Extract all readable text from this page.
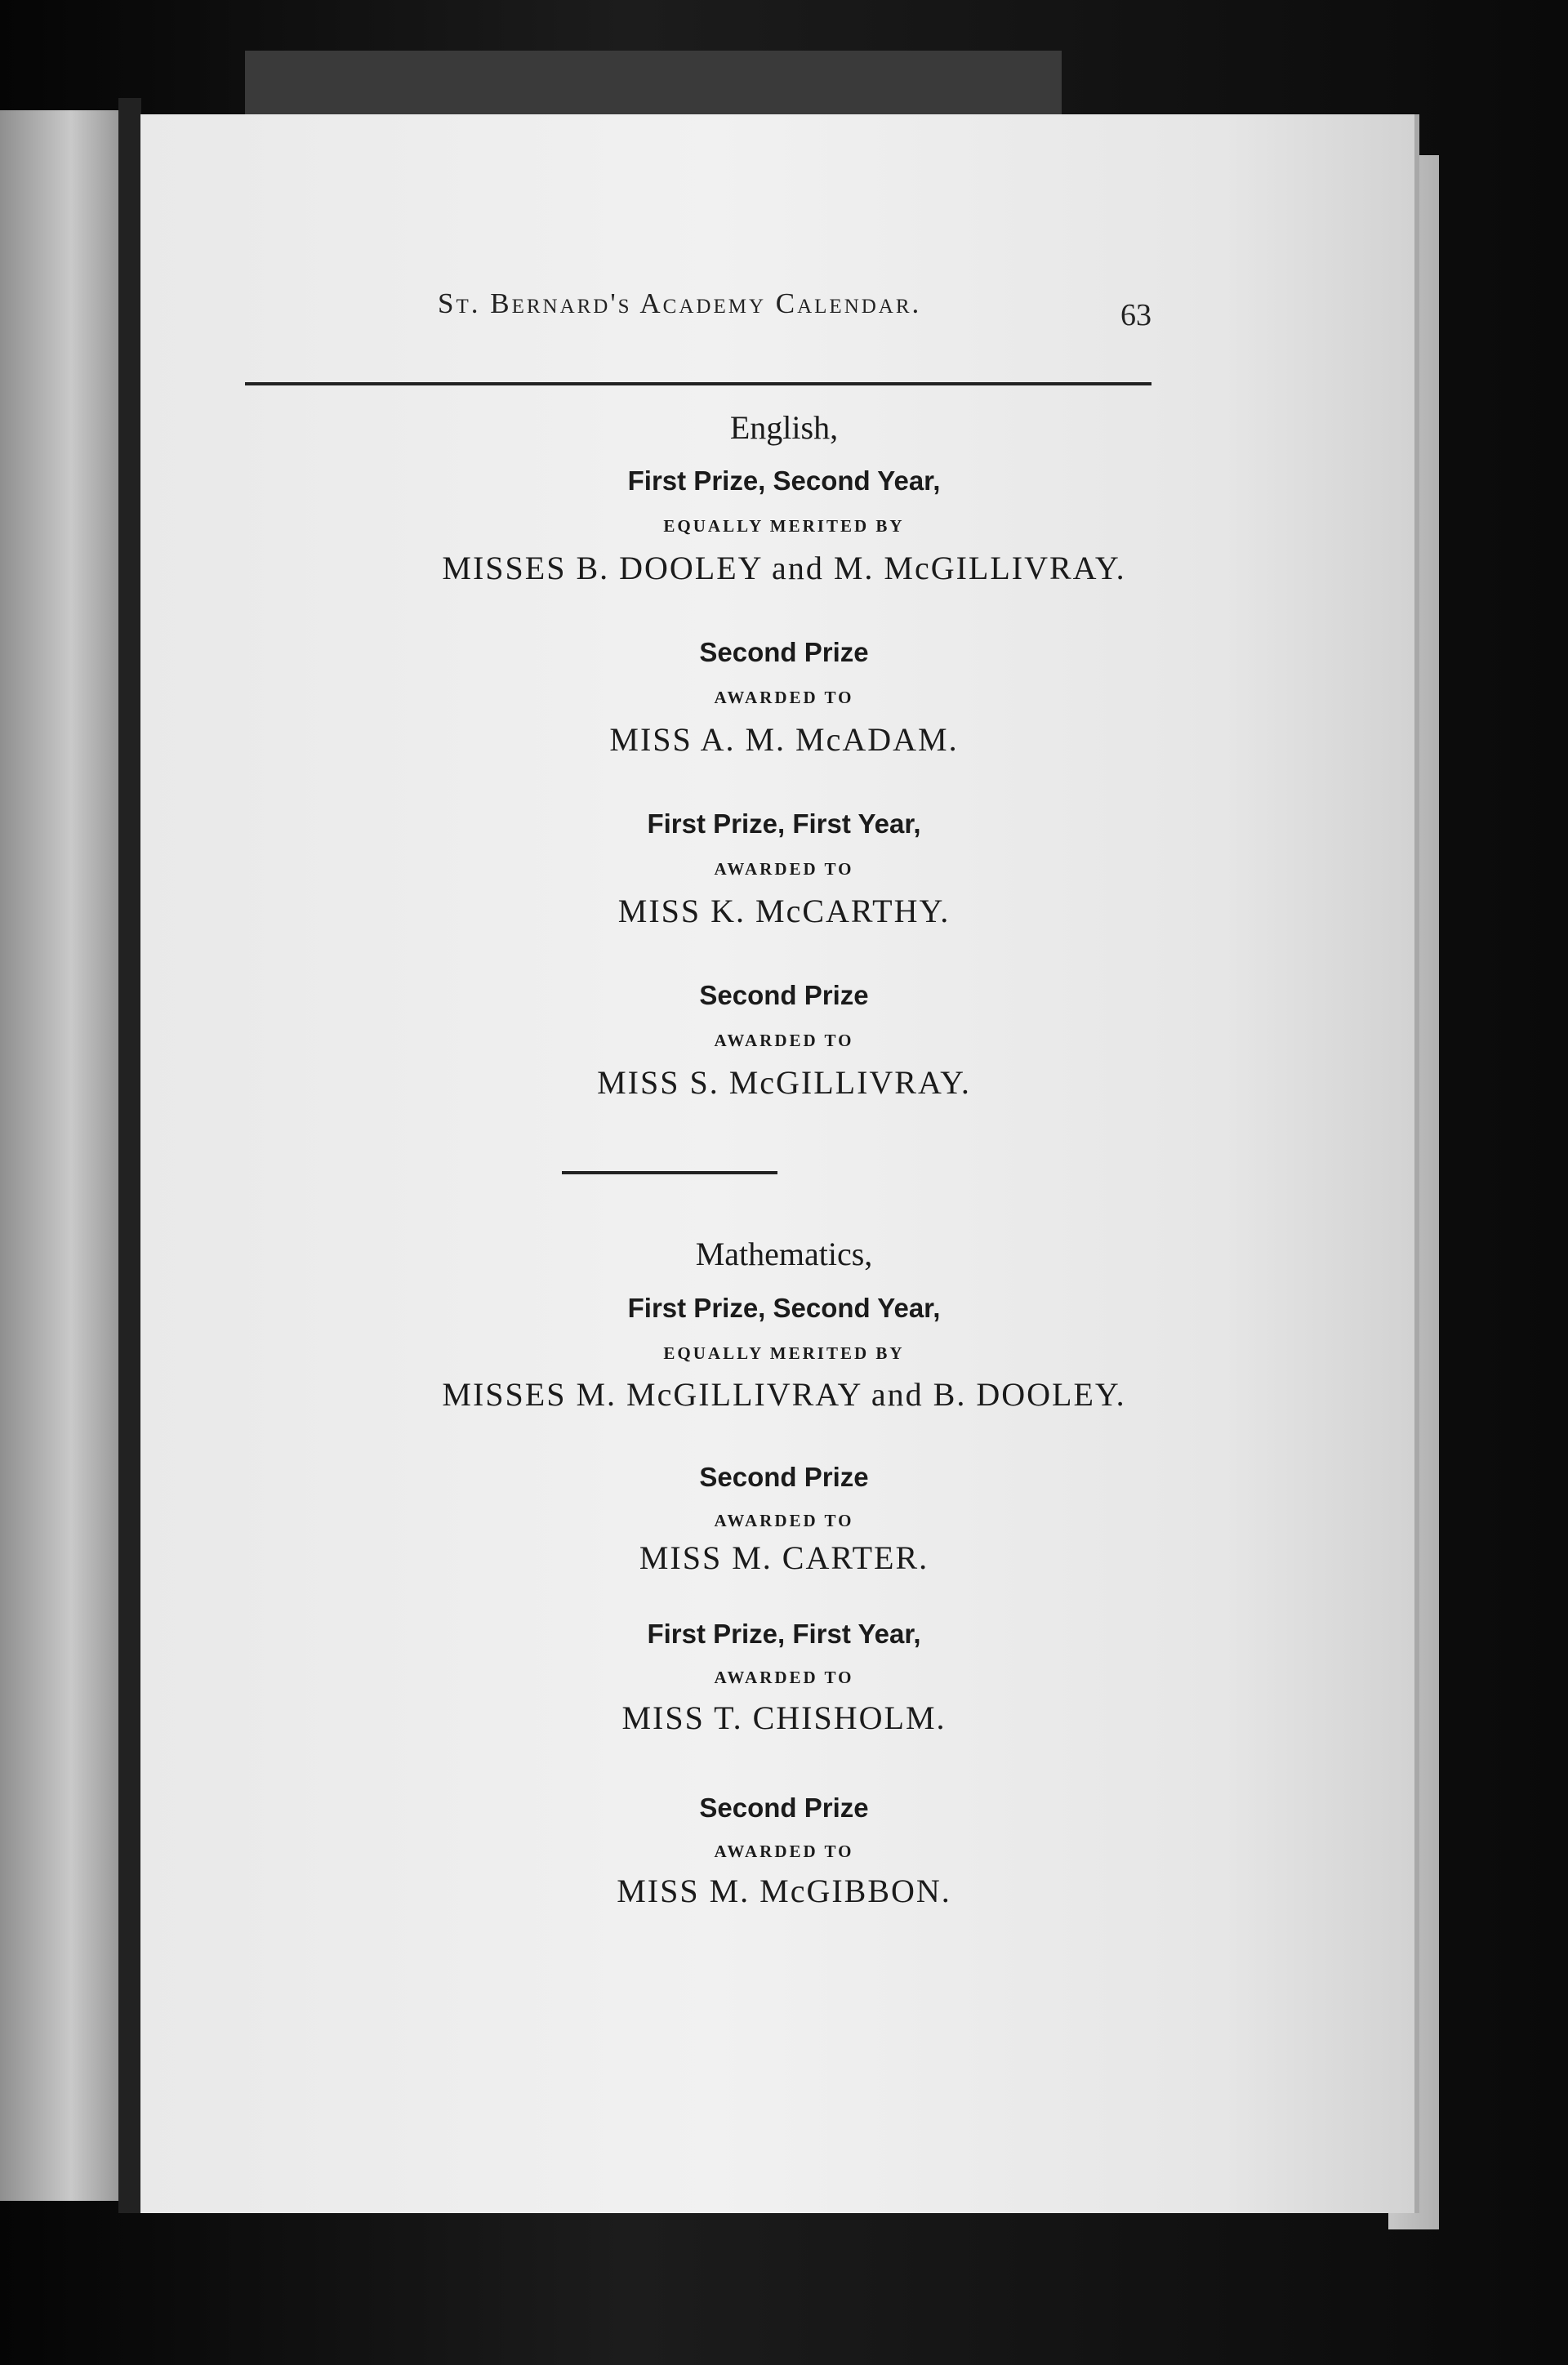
St. Bernard's Academy Calendar.	63
English,
First Prize, Second Year,
EQUALLY MERITED BY
MISSES B. DOOLEY and M. McGILLIVRAY.
Second Prize
AWARDED TO
MISS A. M. McADAM.
First Prize, First Year,
AWARDED TO
MISS K. McCARTHY.
Second Prize
AWARDED TO
MISS S. McGILLIVRAY.
Mathematics,
First Prize, Second Year,
EQUALLY MERITED BY
MISSES M. McGILLIVRAY and B. DOOLEY.
Second Prize
AWARDED TO
MISS M. CARTER.
First Prize, First Year,
AWARDED TO
MISS T. CHISHOLM.
Second Prize
AWARDED TO
MISS M. McGIBBON.
